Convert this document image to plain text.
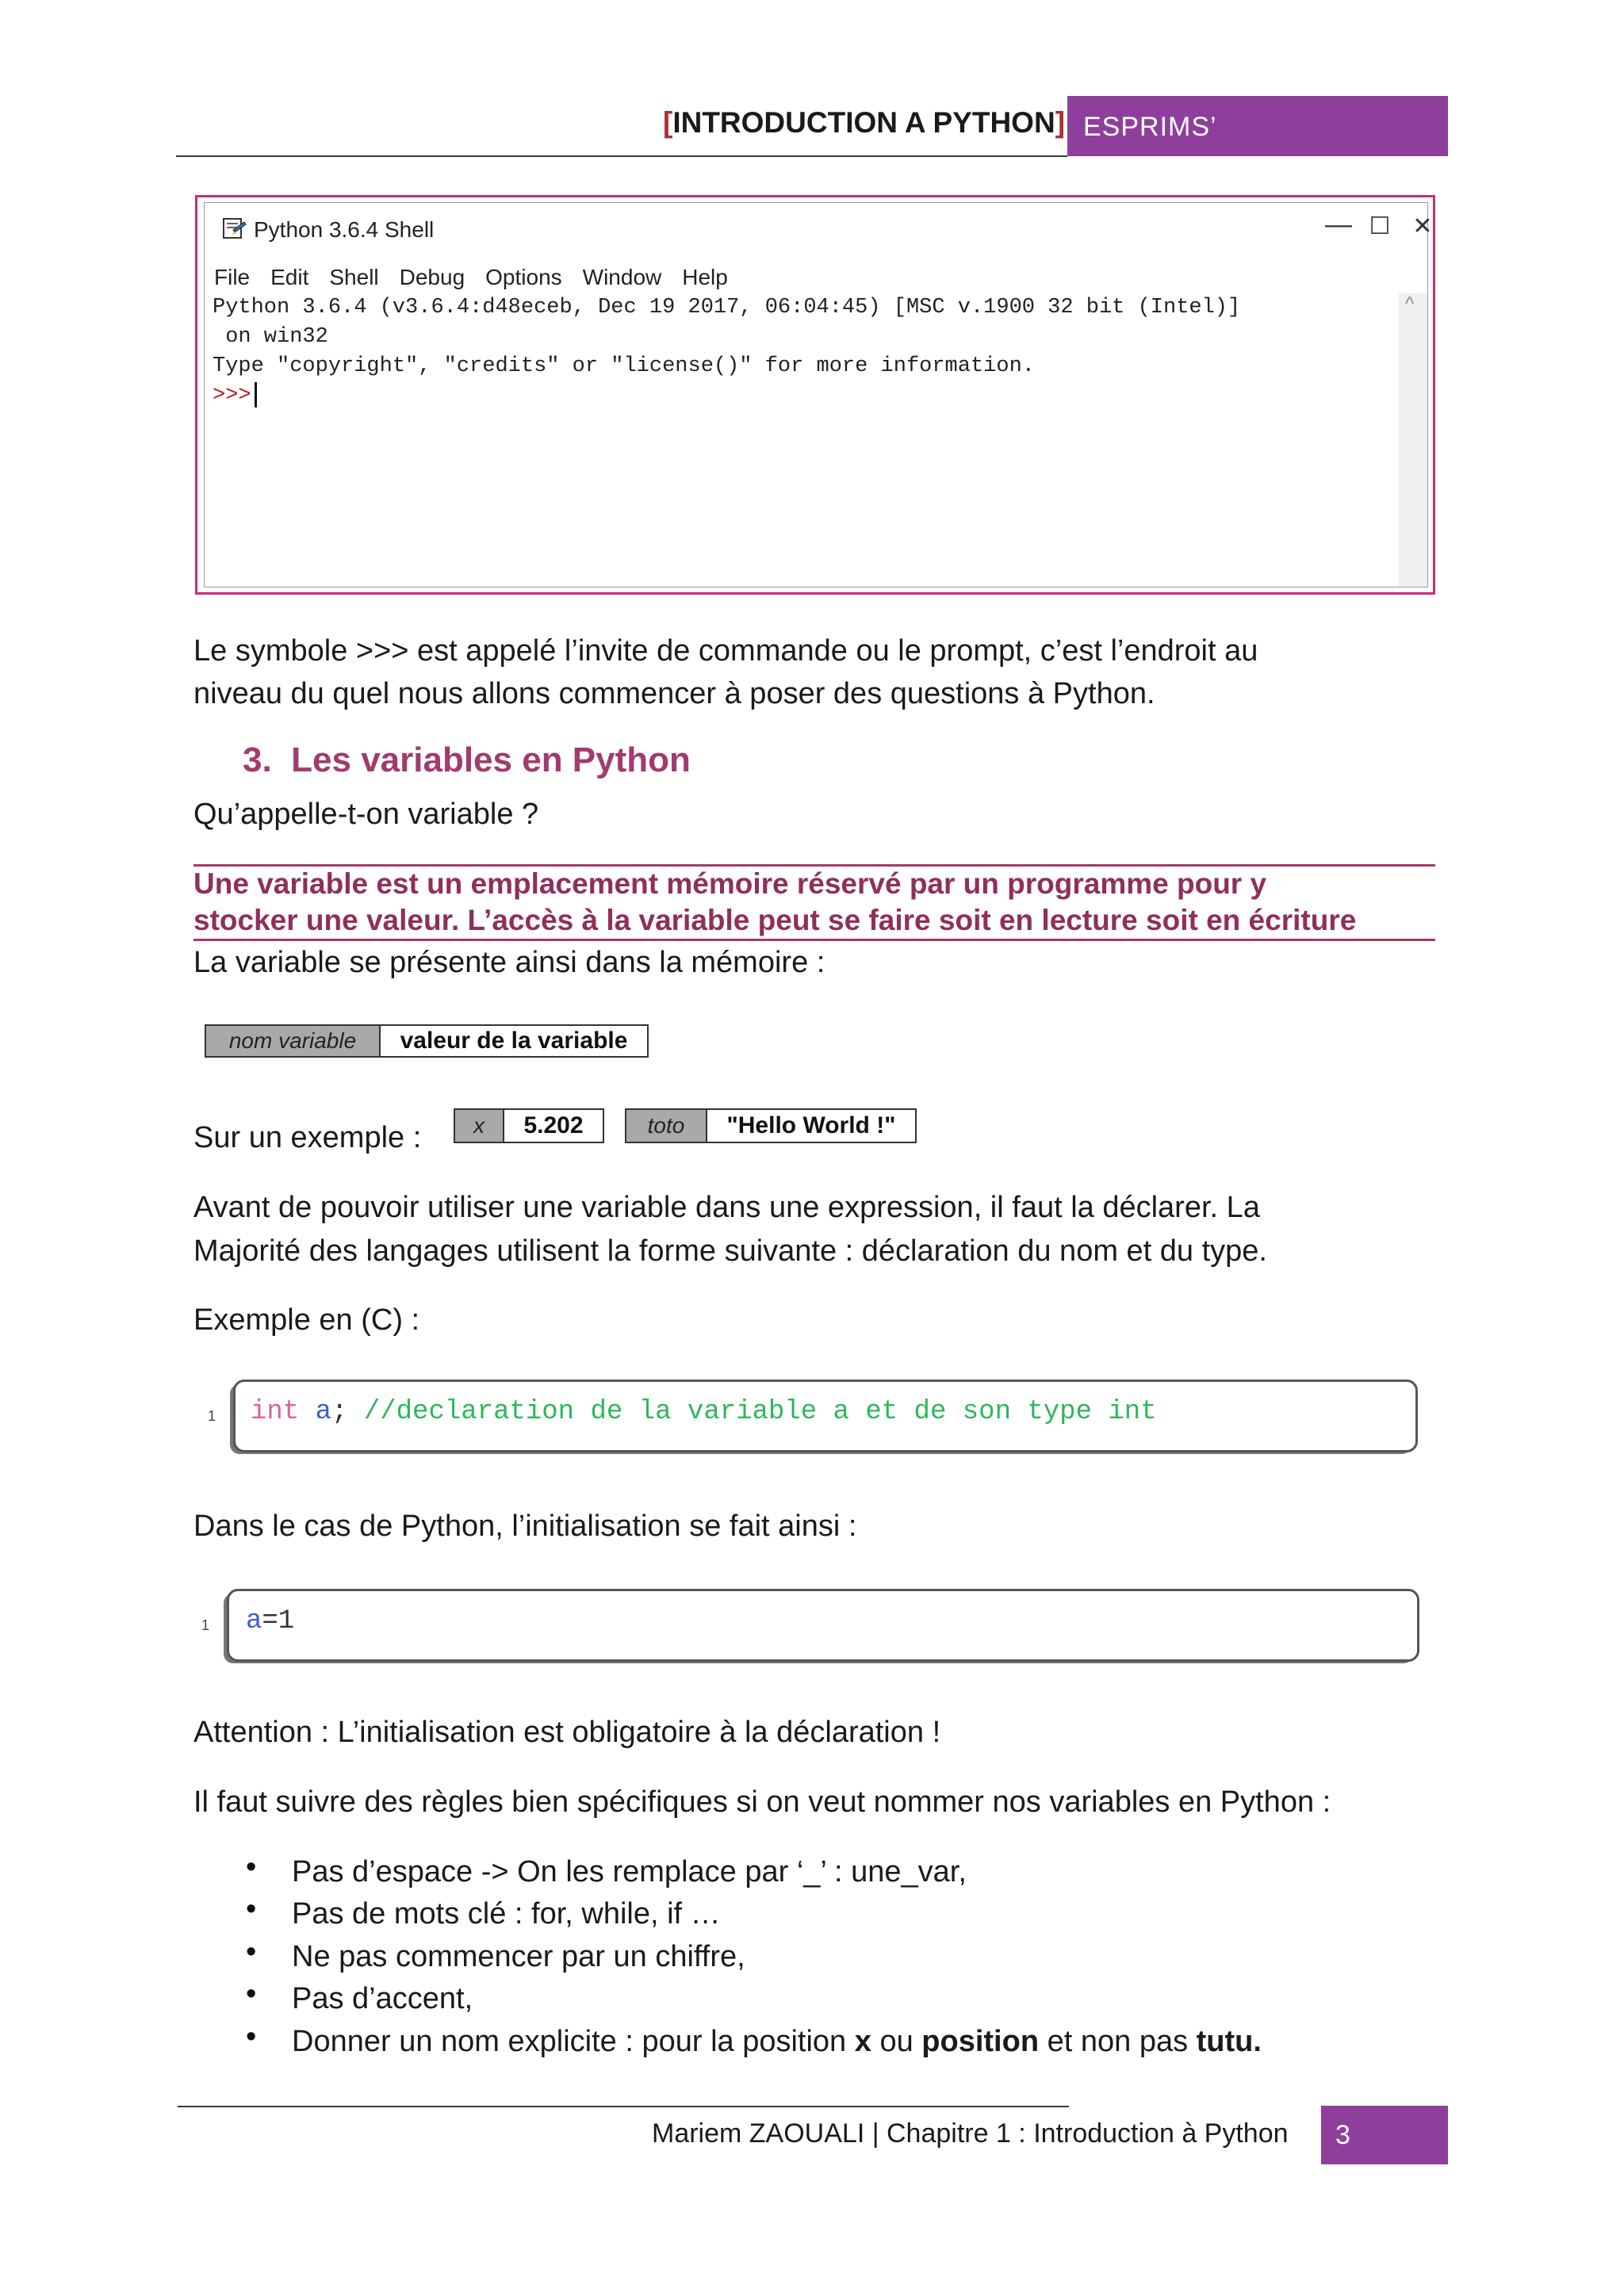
[INTRODUCTION A PYTHON] ESPRIMS’
Python 3.6.4 Shell	— ☐ ✕
File Edit Shell Debug Options Window Help
Python 3.6.4 (v3.6.4:d48eceb, Dec 19 2017, 06:04:45) [MSC v.1900 32 bit (Intel)]
on win32
Type "copyright", "credits" or "license()" for more information.
>>>
^
Le symbole >>> est appelé l’invite de commande ou le prompt, c’est l’endroit au
niveau du quel nous allons commencer à poser des questions à Python.
3. Les variables en Python
Qu’appelle-t-on variable ?
Une variable est un emplacement mémoire réservé par un programme pour y
stocker une valeur. L’accès à la variable peut se faire soit en lecture soit en écriture
La variable se présente ainsi dans la mémoire :
nom variable	valeur de la variable
Sur un exemple :	x	5.202	toto	"Hello World !"
Avant de pouvoir utiliser une variable dans une expression, il faut la déclarer. La
Majorité des langages utilisent la forme suivante : déclaration du nom et du type.
Exemple en (C) :
1 int a; //declaration de la variable a et de son type int
Dans le cas de Python, l’initialisation se fait ainsi :
1 a=1
Attention : L’initialisation est obligatoire à la déclaration !
Il faut suivre des règles bien spécifiques si on veut nommer nos variables en Python :
• Pas d’espace -> On les remplace par ‘_’ : une_var,
• Pas de mots clé : for, while, if …
• Ne pas commencer par un chiffre,
• Pas d’accent,
• Donner un nom explicite : pour la position x ou position et non pas tutu.
Mariem ZAOUALI | Chapitre 1 : Introduction à Python 3
